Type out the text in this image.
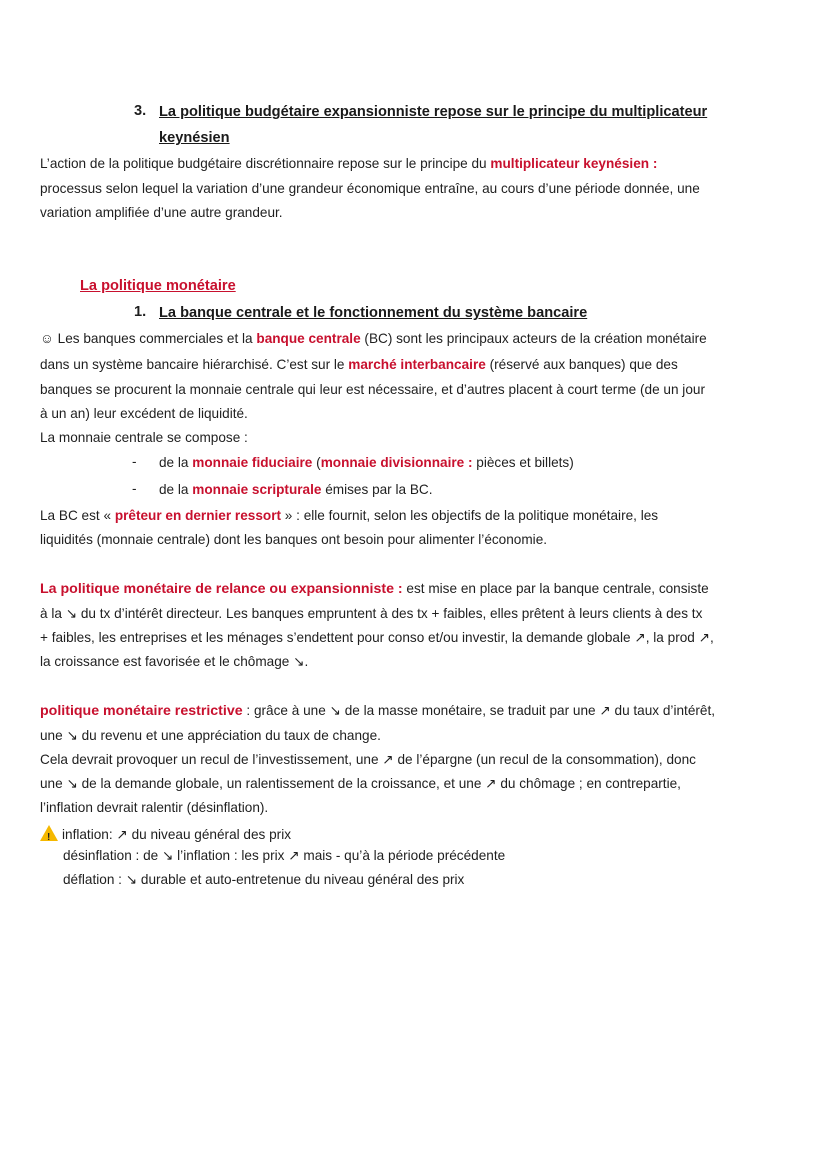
3. La politique budgétaire expansionniste repose sur le principe du multiplicateur
keynésien
L’action de la politique budgétaire discrétionnaire repose sur le principe du multiplicateur keynésien :
processus selon lequel la variation d’une grandeur économique entraîne, au cours d’une période donnée, une
variation amplifiée d’une autre grandeur.
La politique monétaire
1. La banque centrale et le fonctionnement du système bancaire
☺ Les banques commerciales et la banque centrale (BC) sont les principaux acteurs de la création monétaire
dans un système bancaire hiérarchisé. C’est sur le marché interbancaire (réservé aux banques) que des
banques se procurent la monnaie centrale qui leur est nécessaire, et d’autres placent à court terme (de un jour
à un an) leur excédent de liquidité.
La monnaie centrale se compose :
- de la monnaie fiduciaire (monnaie divisionnaire : pièces et billets)
- de la monnaie scripturale émises par la BC.
La BC est « prêteur en dernier ressort » : elle fournit, selon les objectifs de la politique monétaire, les
liquidités (monnaie centrale) dont les banques ont besoin pour alimenter l’économie.
La politique monétaire de relance ou expansionniste : est mise en place par la banque centrale, consiste
à la ↘ du tx d’intérêt directeur. Les banques empruntent à des tx + faibles, elles prêtent à leurs clients à des tx
+ faibles, les entreprises et les ménages s’endettent pour conso et/ou investir, la demande globale ↗, la prod ↗,
la croissance est favorisée et le chômage ↘.
politique monétaire restrictive : grâce à une ↘ de la masse monétaire, se traduit par une ↗ du taux d’intérêt,
une ↘ du revenu et une appréciation du taux de change.
Cela devrait provoquer un recul de l’investissement, une ↗ de l’épargne (un recul de la consommation), donc
une ↘ de la demande globale, un ralentissement de la croissance, et une ↗ du chômage ; en contrepartie,
l’inflation devrait ralentir (désinflation).
! inflation: ↗ du niveau général des prix
désinflation : de ↘ l’inflation : les prix ↗ mais - qu’à la période précédente
déflation : ↘ durable et auto-entretenue du niveau général des prix
